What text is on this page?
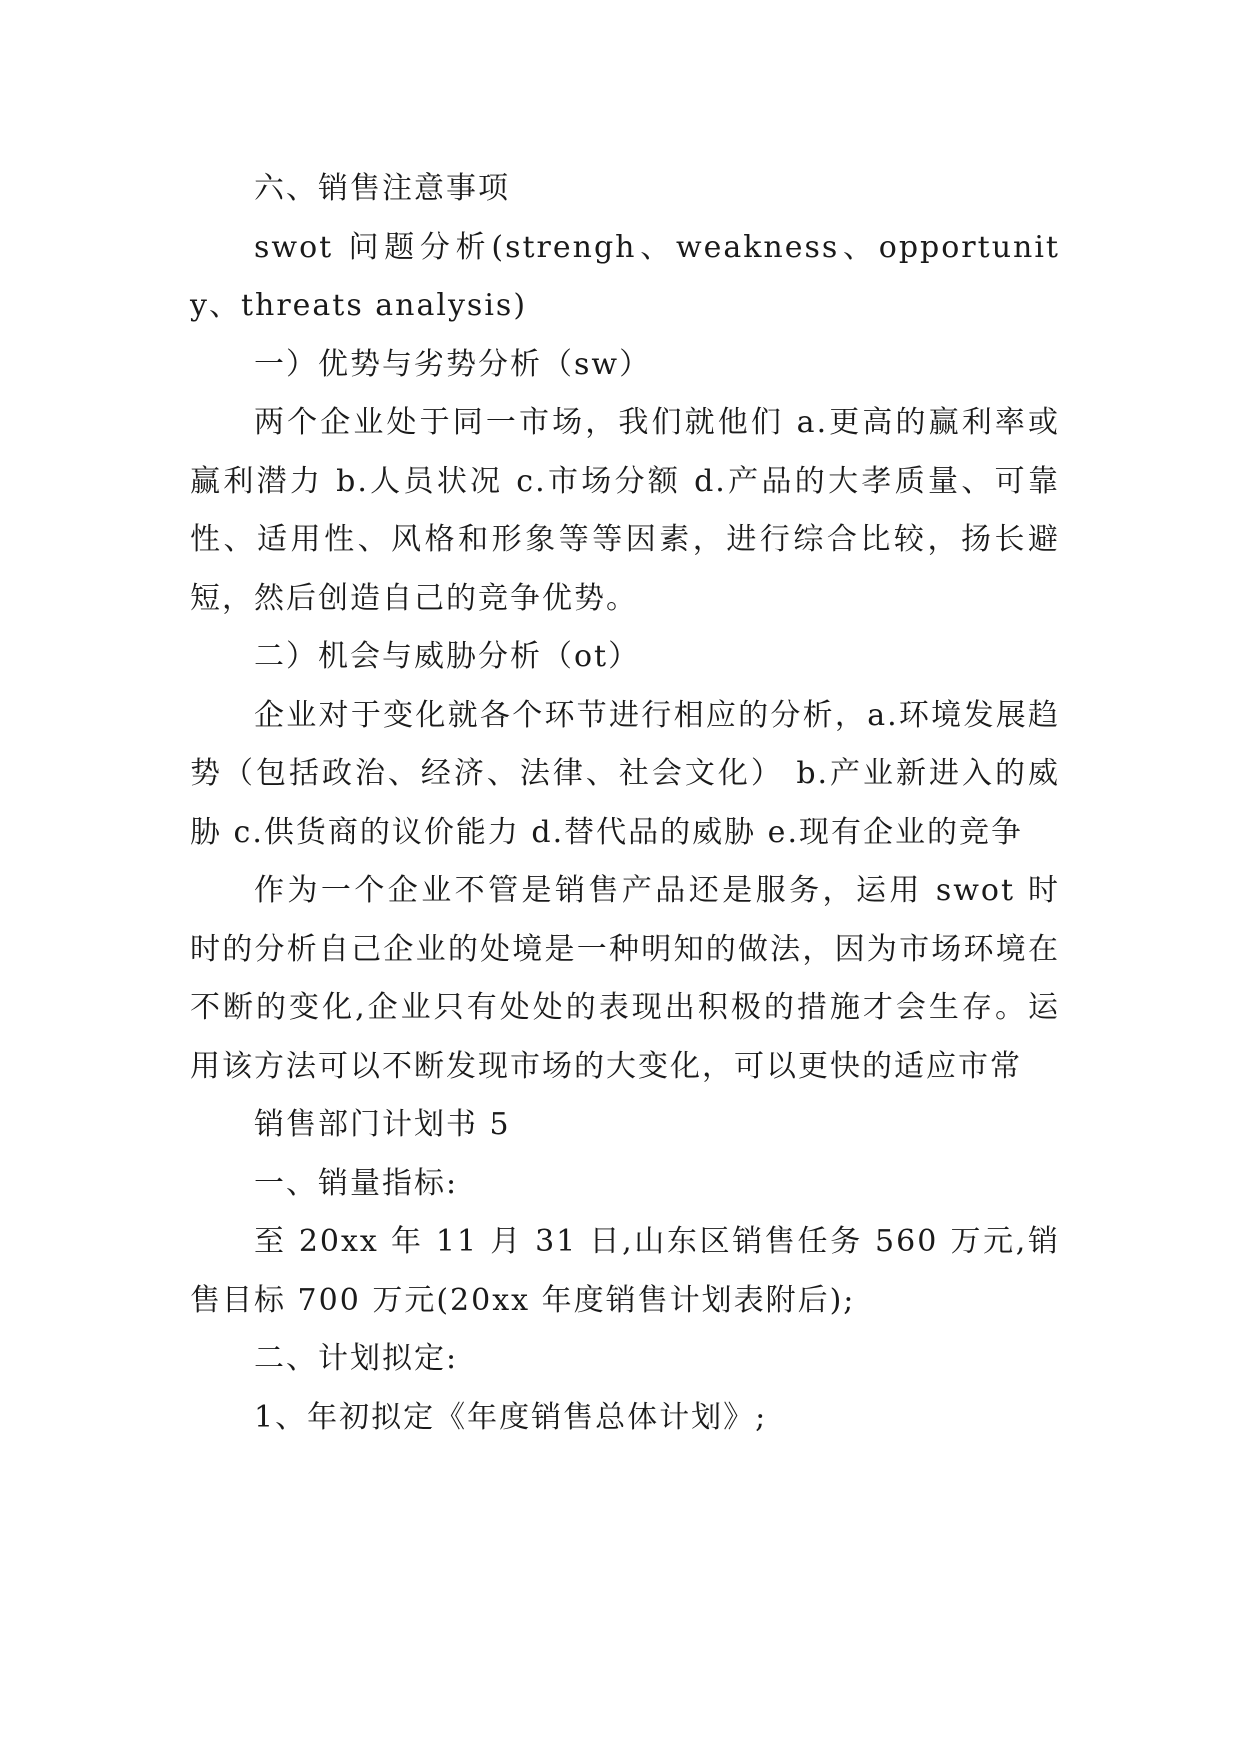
六、销售注意事项

swot 问题分析(strengh、weakness、opportunity、threats analysis)

一）优势与劣势分析（sw）

两个企业处于同一市场，我们就他们 a.更高的赢利率或赢利潜力 b.人员状况 c.市场分额 d.产品的大孝质量、可靠性、适用性、风格和形象等等因素，进行综合比较，扬长避短，然后创造自己的竞争优势。

二）机会与威胁分析（ot）

企业对于变化就各个环节进行相应的分析，a.环境发展趋势（包括政治、经济、法律、社会文化） b.产业新进入的威胁 c.供货商的议价能力 d.替代品的威胁 e.现有企业的竞争

作为一个企业不管是销售产品还是服务，运用 swot 时时的分析自己企业的处境是一种明知的做法，因为市场环境在不断的变化,企业只有处处的表现出积极的措施才会生存。运用该方法可以不断发现市场的大变化，可以更快的适应市常

销售部门计划书 5

一、销量指标:

至 20xx 年 11 月 31 日,山东区销售任务 560 万元,销售目标 700 万元(20xx 年度销售计划表附后);

二、计划拟定:

1、年初拟定《年度销售总体计划》;
